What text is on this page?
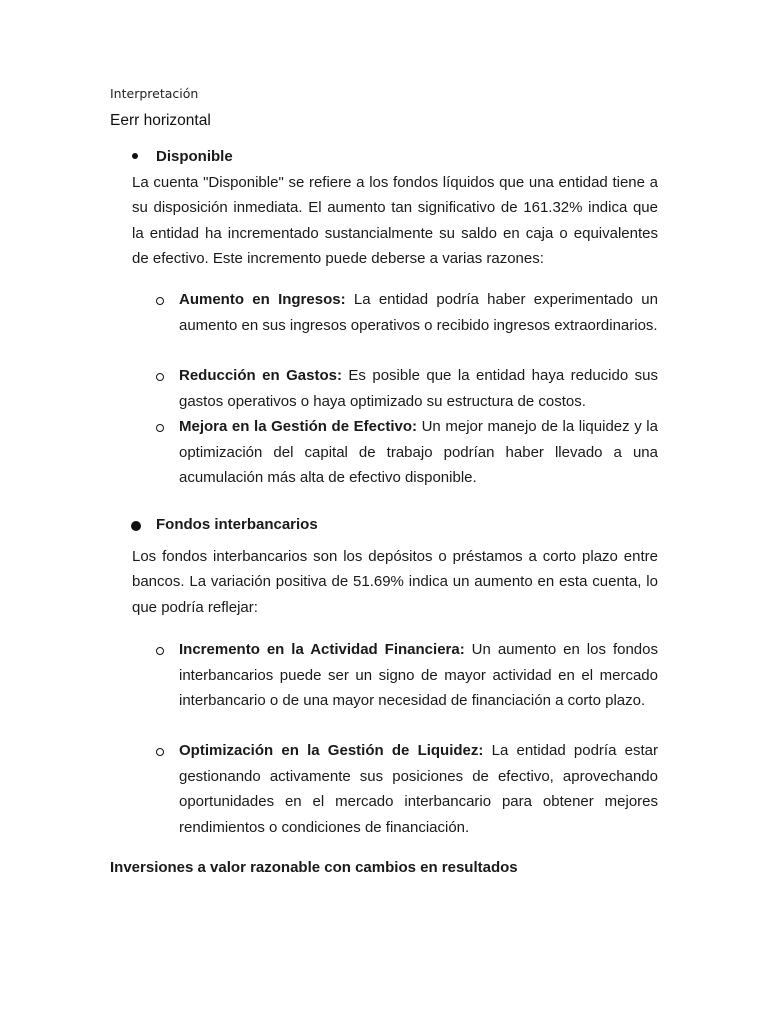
Interpretación
Eerr horizontal
Disponible
La cuenta "Disponible" se refiere a los fondos líquidos que una entidad tiene a su disposición inmediata. El aumento tan significativo de 161.32% indica que la entidad ha incrementado sustancialmente su saldo en caja o equivalentes de efectivo. Este incremento puede deberse a varias razones:
Aumento en Ingresos: La entidad podría haber experimentado un aumento en sus ingresos operativos o recibido ingresos extraordinarios.
Reducción en Gastos: Es posible que la entidad haya reducido sus gastos operativos o haya optimizado su estructura de costos.
Mejora en la Gestión de Efectivo: Un mejor manejo de la liquidez y la optimización del capital de trabajo podrían haber llevado a una acumulación más alta de efectivo disponible.
Fondos interbancarios
Los fondos interbancarios son los depósitos o préstamos a corto plazo entre bancos. La variación positiva de 51.69% indica un aumento en esta cuenta, lo que podría reflejar:
Incremento en la Actividad Financiera: Un aumento en los fondos interbancarios puede ser un signo de mayor actividad en el mercado interbancario o de una mayor necesidad de financiación a corto plazo.
Optimización en la Gestión de Liquidez: La entidad podría estar gestionando activamente sus posiciones de efectivo, aprovechando oportunidades en el mercado interbancario para obtener mejores rendimientos o condiciones de financiación.
Inversiones a valor razonable con cambios en resultados
